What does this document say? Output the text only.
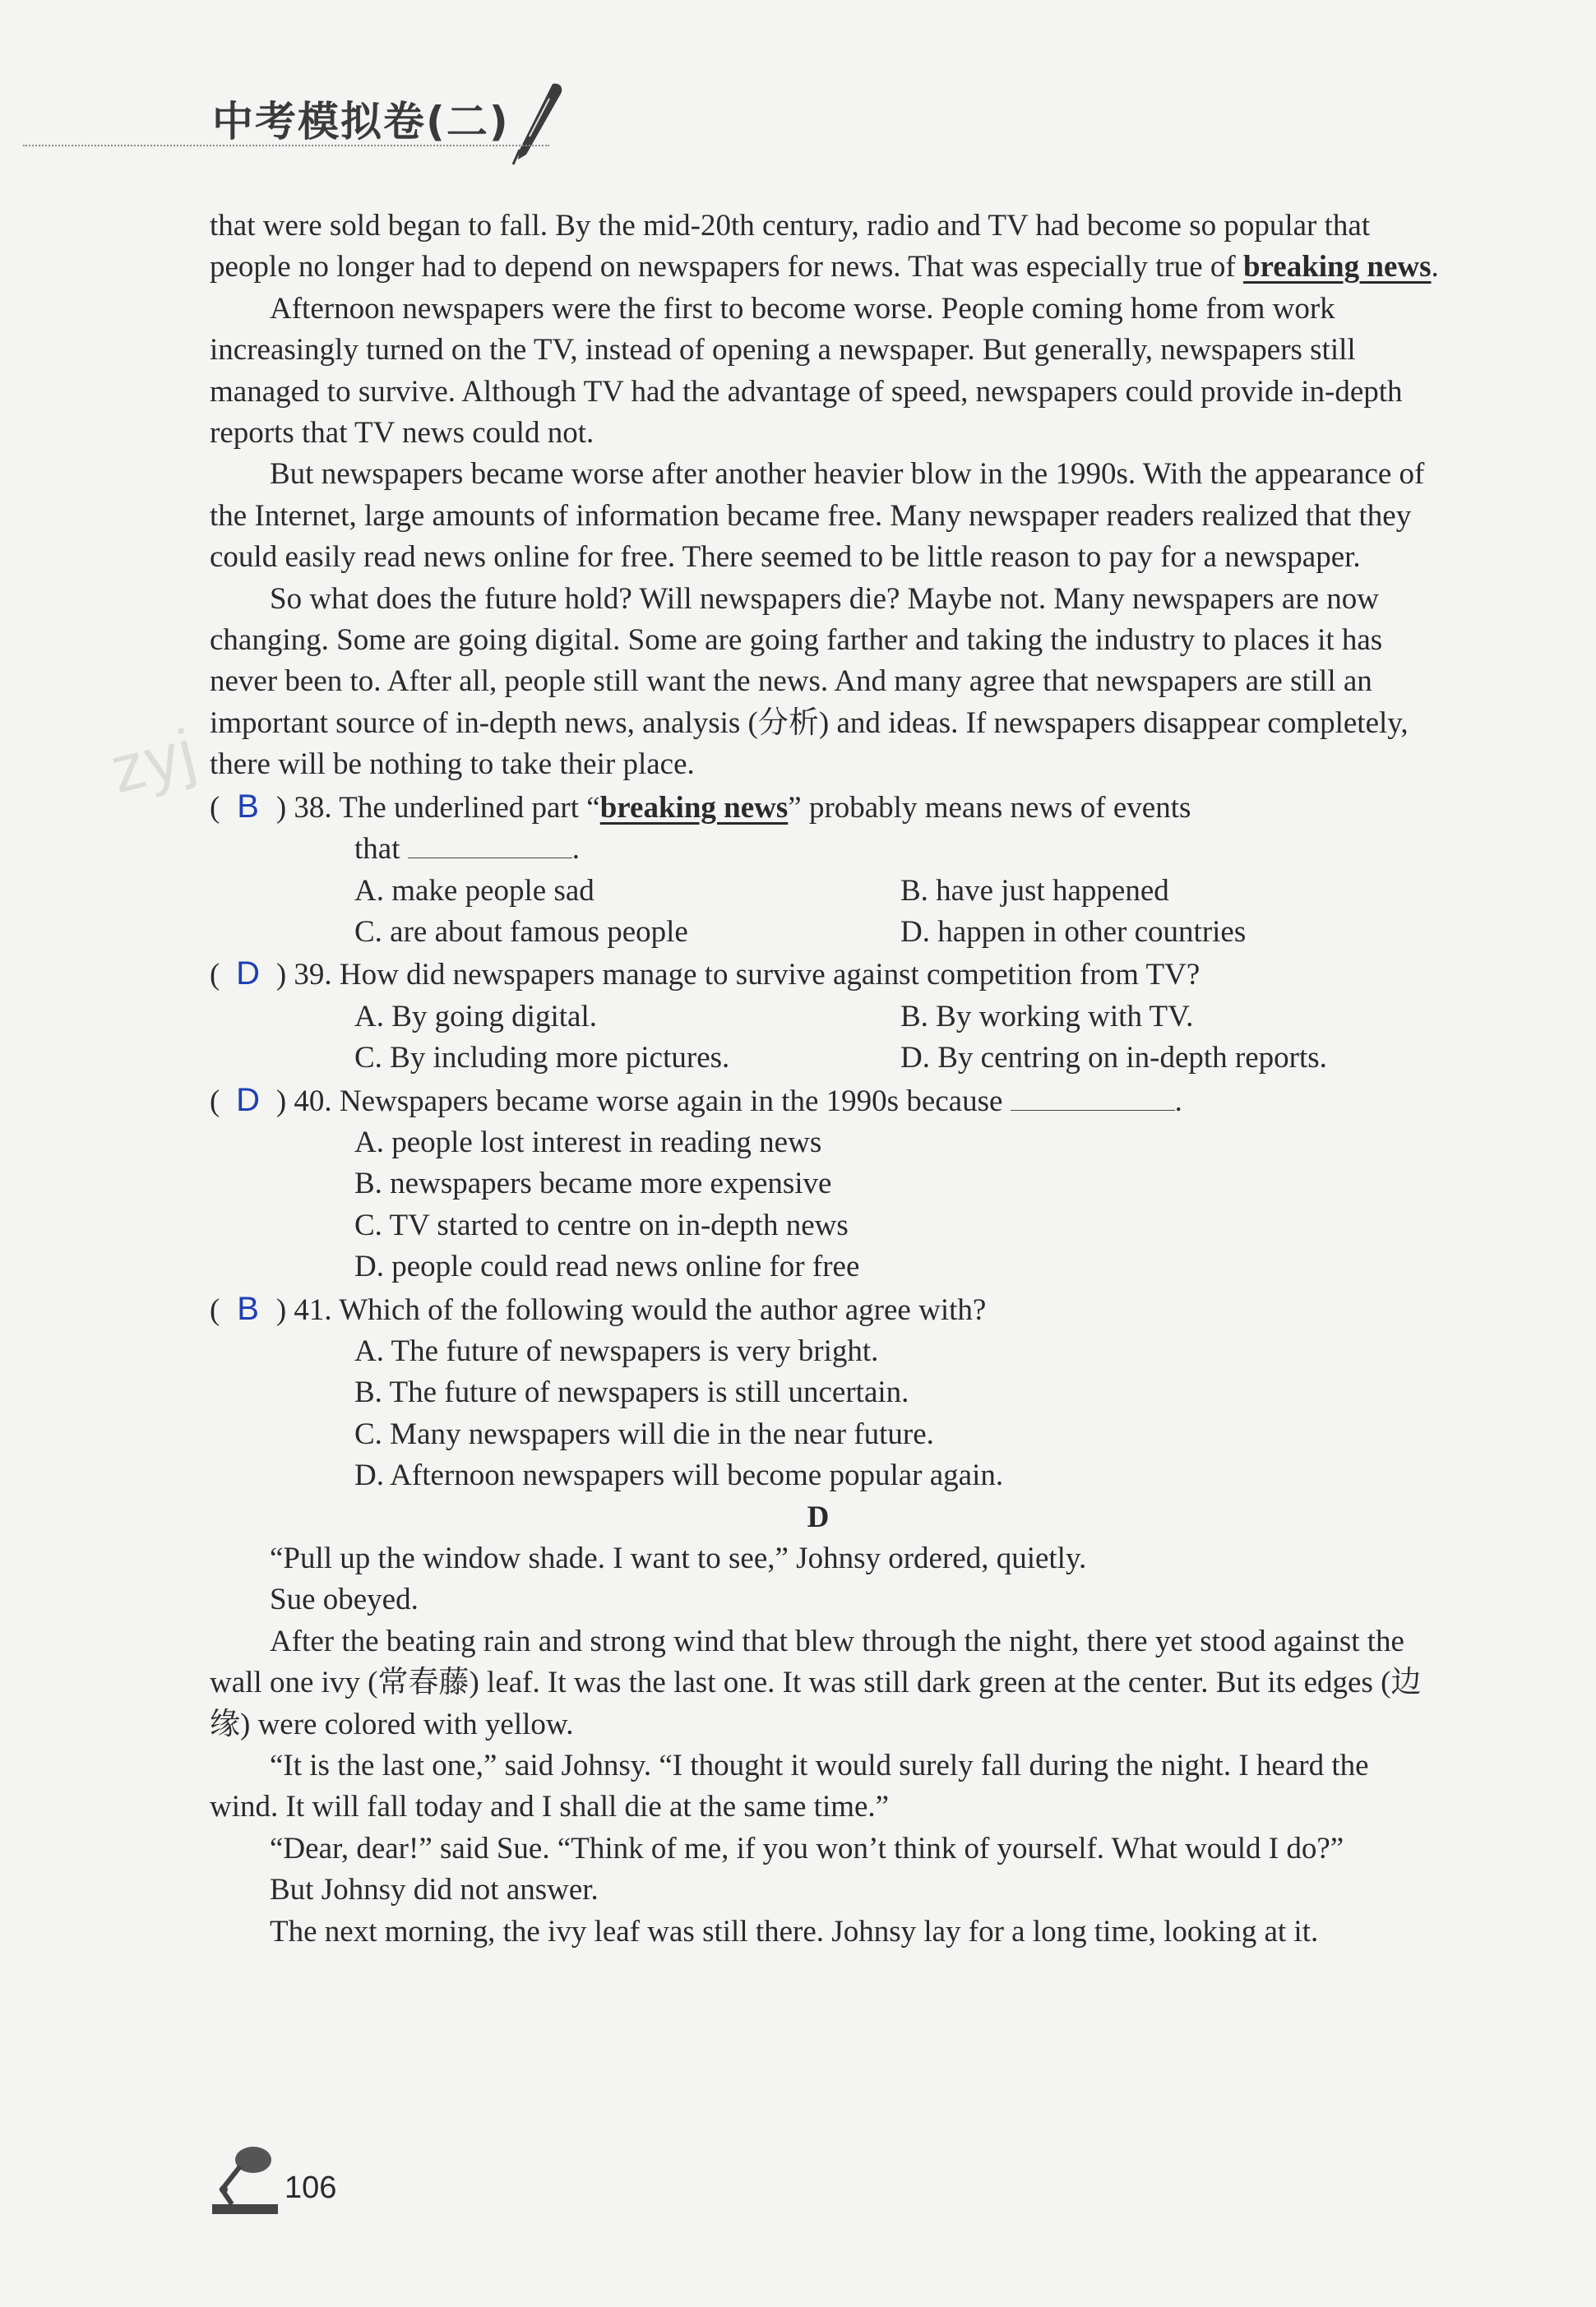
中考模拟卷(二)
zyj

that were sold began to fall. By the mid-20th century, radio and TV had become so popular that people no longer had to depend on newspapers for news. That was especially true of breaking news.

Afternoon newspapers were the first to become worse. People coming home from work increasingly turned on the TV, instead of opening a newspaper. But generally, newspapers still managed to survive. Although TV had the advantage of speed, newspapers could provide in-depth reports that TV news could not.

But newspapers became worse after another heavier blow in the 1990s. With the appearance of the Internet, large amounts of information became free. Many newspaper readers realized that they could easily read news online for free. There seemed to be little reason to pay for a newspaper.

So what does the future hold? Will newspapers die? Maybe not. Many newspapers are now changing. Some are going digital. Some are going farther and taking the industry to places it has never been to. After all, people still want the news. And many agree that newspapers are still an important source of in-depth news, analysis (分析) and ideas. If newspapers disappear completely, there will be nothing to take their place.

( B ) 38. The underlined part “breaking news” probably means news of events

that	.

A. make people sad	B. have just happened
C. are about famous people	D. happen in other countries

( D ) 39. How did newspapers manage to survive against competition from TV?

A. By going digital.	B. By working with TV.
C. By including more pictures.	D. By centring on in-depth reports.

( D ) 40. Newspapers became worse again in the 1990s because	.

A. people lost interest in reading news

B. newspapers became more expensive

C. TV started to centre on in-depth news

D. people could read news online for free

( B ) 41. Which of the following would the author agree with?

A. The future of newspapers is very bright.

B. The future of newspapers is still uncertain.

C. Many newspapers will die in the near future.

D. Afternoon newspapers will become popular again.

D

“Pull up the window shade. I want to see,” Johnsy ordered, quietly.

Sue obeyed.

After the beating rain and strong wind that blew through the night, there yet stood against the wall one ivy (常春藤) leaf. It was the last one. It was still dark green at the center. But its edges (边缘) were colored with yellow.

“It is the last one,” said Johnsy. “I thought it would surely fall during the night. I heard the wind. It will fall today and I shall die at the same time.”

“Dear, dear!” said Sue. “Think of me, if you won’t think of yourself. What would I do?”

But Johnsy did not answer.

The next morning, the ivy leaf was still there. Johnsy lay for a long time, looking at it.

106
